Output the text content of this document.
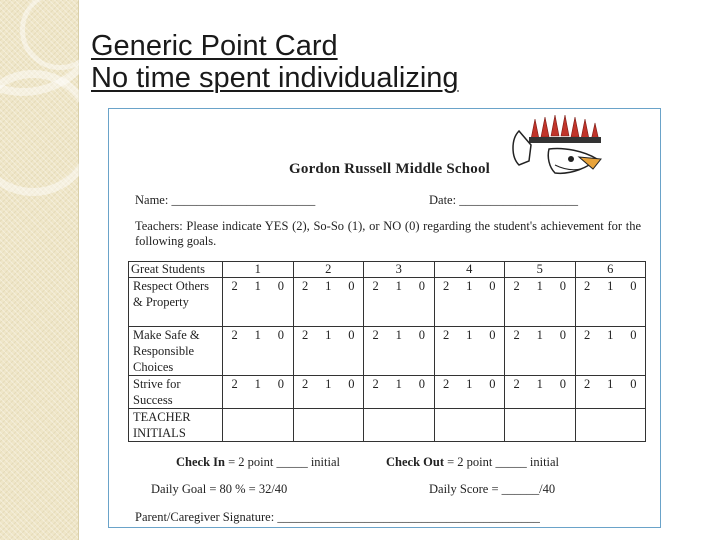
Generic Point Card
No time spent individualizing
Gordon Russell Middle School
Name: _______________________	Date: ___________________
Teachers: Please indicate YES (2), So-So (1), or NO (0) regarding the student's achievement for the following goals.
Great Students	1	2	3	4	5	6
Respect Others & Property	2 1 0	2 1 0	2 1 0	2 1 0	2 1 0	2 1 0

Make Safe & Responsible Choices	2 1 0	2 1 0	2 1 0	2 1 0	2 1 0	2 1 0

Strive for Success	2 1 0	2 1 0	2 1 0	2 1 0	2 1 0	2 1 0

TEACHER INITIALS						
Check In = 2 point _____ initial	Check Out = 2 point _____ initial
Daily Goal = 80 % = 32/40	Daily Score = ______/40
Parent/Caregiver Signature: __________________________________________
